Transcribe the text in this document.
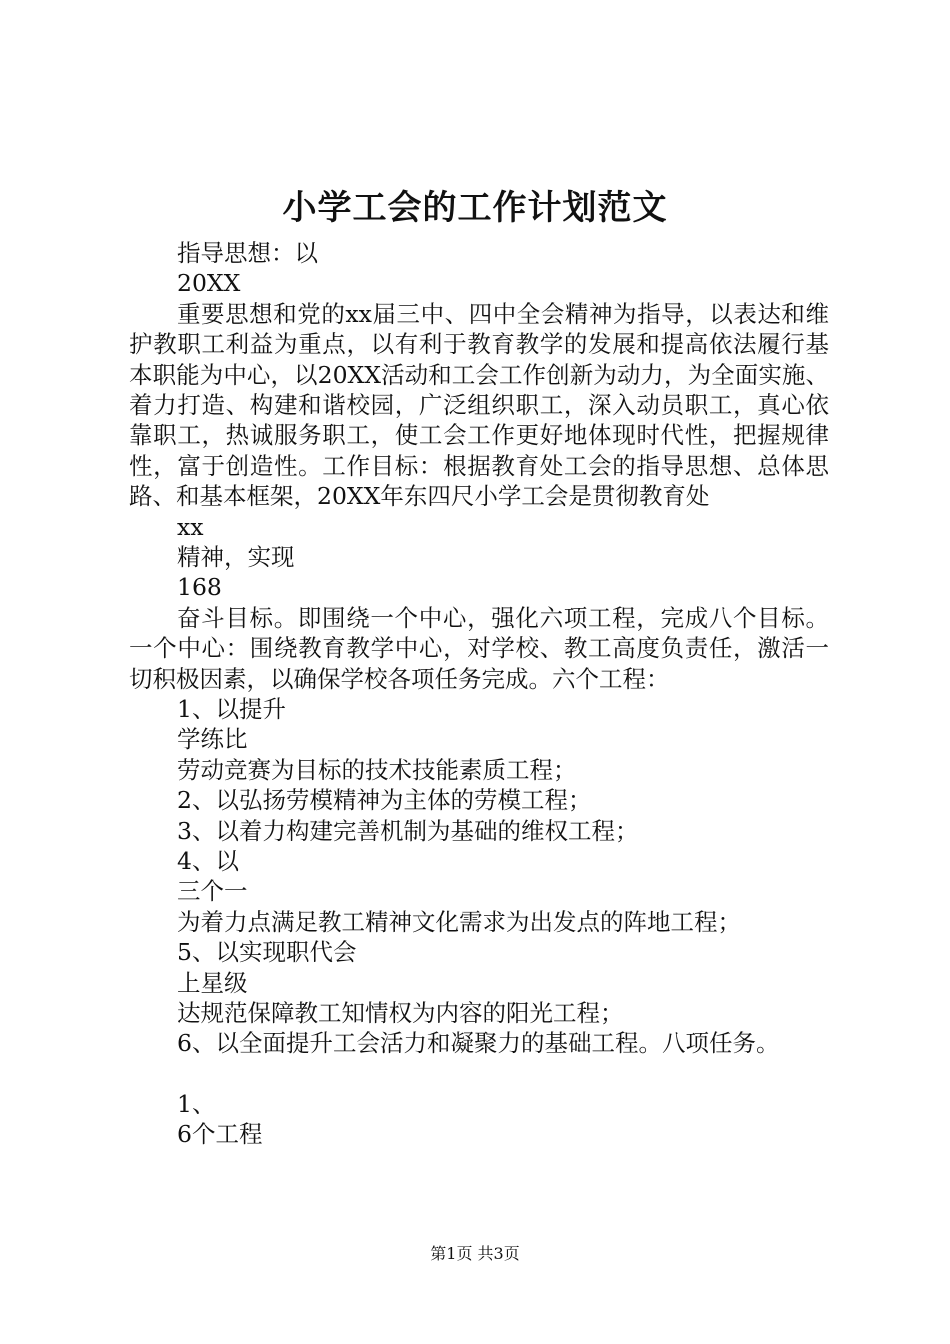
小学工会的工作计划范文
指导思想：以
20XX
重要思想和党的xx届三中、四中全会精神为指导，以表达和维护教职工利益为重点，以有利于教育教学的发展和提高依法履行基本职能为中心，以20XX活动和工会工作创新为动力，为全面实施、着力打造、构建和谐校园，广泛组织职工，深入动员职工，真心依靠职工，热诚服务职工，使工会工作更好地体现时代性，把握规律性，富于创造性。工作目标：根据教育处工会的指导思想、总体思路、和基本框架，20XX年东四尺小学工会是贯彻教育处
xx
精神，实现
168
奋斗目标。即围绕一个中心，强化六项工程，完成八个目标。一个中心：围绕教育教学中心，对学校、教工高度负责任，激活一切积极因素，以确保学校各项任务完成。六个工程：
1、以提升
学练比
劳动竞赛为目标的技术技能素质工程；
2、以弘扬劳模精神为主体的劳模工程；
3、以着力构建完善机制为基础的维权工程；
4、以
三个一
为着力点满足教工精神文化需求为出发点的阵地工程；
5、以实现职代会
上星级
达规范保障教工知情权为内容的阳光工程；
6、以全面提升工会活力和凝聚力的基础工程。八项任务。
1、
6个工程
第1页 共3页
